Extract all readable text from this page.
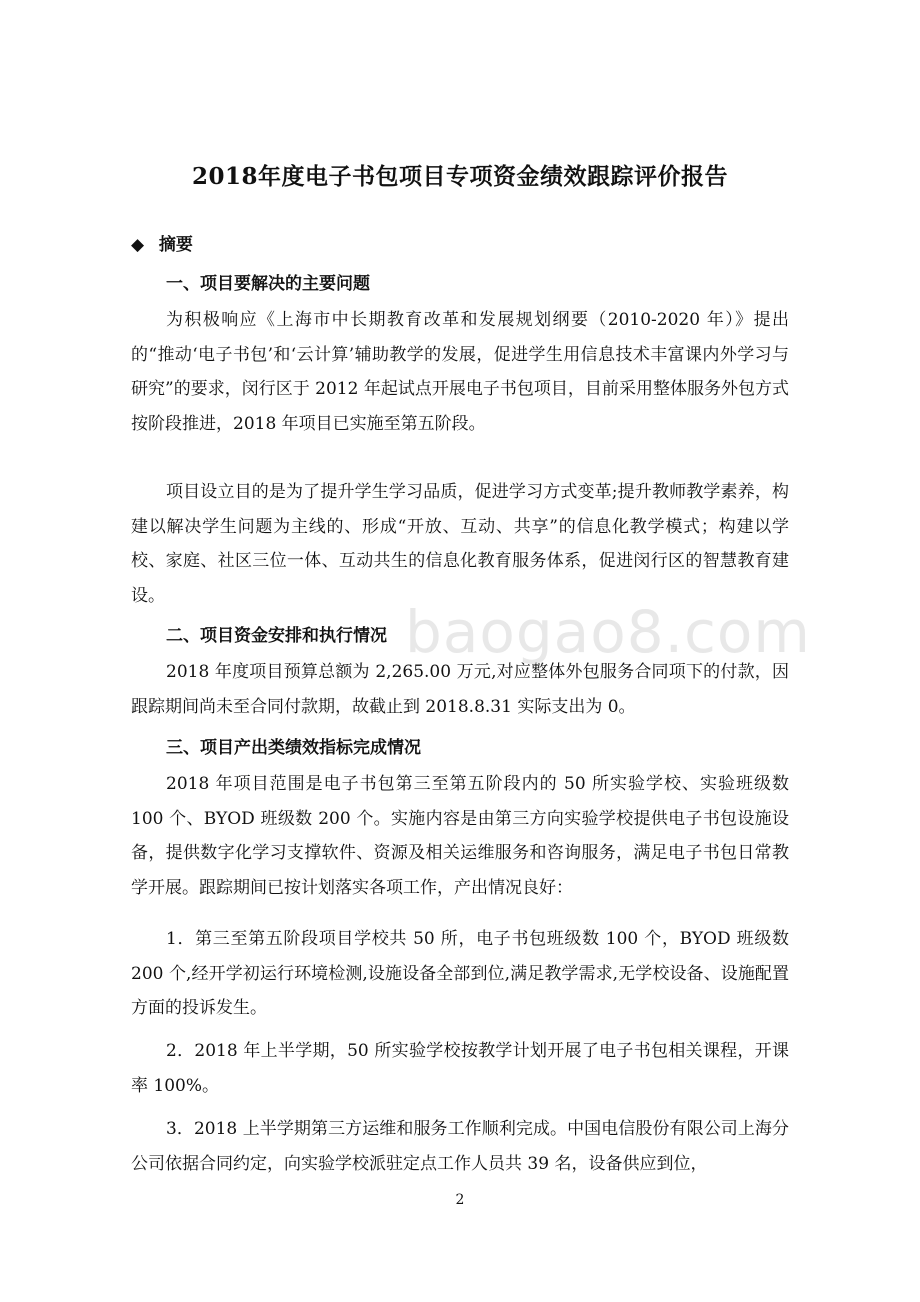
2018年度电子书包项目专项资金绩效跟踪评价报告
◆ 摘要
一、项目要解决的主要问题
为积极响应《上海市中长期教育改革和发展规划纲要（2010-2020 年）》提出的“推动‘电子书包’和‘云计算’辅助教学的发展，促进学生用信息技术丰富课内外学习与研究”的要求，闵行区于 2012 年起试点开展电子书包项目，目前采用整体服务外包方式按阶段推进，2018 年项目已实施至第五阶段。
项目设立目的是为了提升学生学习品质，促进学习方式变革;提升教师教学素养，构建以解决学生问题为主线的、形成“开放、互动、共享”的信息化教学模式；构建以学校、家庭、社区三位一体、互动共生的信息化教育服务体系，促进闵行区的智慧教育建设。
二、项目资金安排和执行情况
2018 年度项目预算总额为 2,265.00 万元,对应整体外包服务合同项下的付款，因跟踪期间尚未至合同付款期，故截止到 2018.8.31 实际支出为 0。
三、项目产出类绩效指标完成情况
2018 年项目范围是电子书包第三至第五阶段内的 50 所实验学校、实验班级数 100 个、BYOD 班级数 200 个。实施内容是由第三方向实验学校提供电子书包设施设备，提供数字化学习支撑软件、资源及相关运维服务和咨询服务，满足电子书包日常教学开展。跟踪期间已按计划落实各项工作，产出情况良好：
1．第三至第五阶段项目学校共 50 所，电子书包班级数 100 个，BYOD 班级数 200 个,经开学初运行环境检测,设施设备全部到位,满足教学需求,无学校设备、设施配置方面的投诉发生。
2．2018 年上半学期，50 所实验学校按教学计划开展了电子书包相关课程，开课率 100%。
3．2018 上半学期第三方运维和服务工作顺利完成。中国电信股份有限公司上海分公司依据合同约定，向实验学校派驻定点工作人员共 39 名，设备供应到位，
baogao8.com
2
